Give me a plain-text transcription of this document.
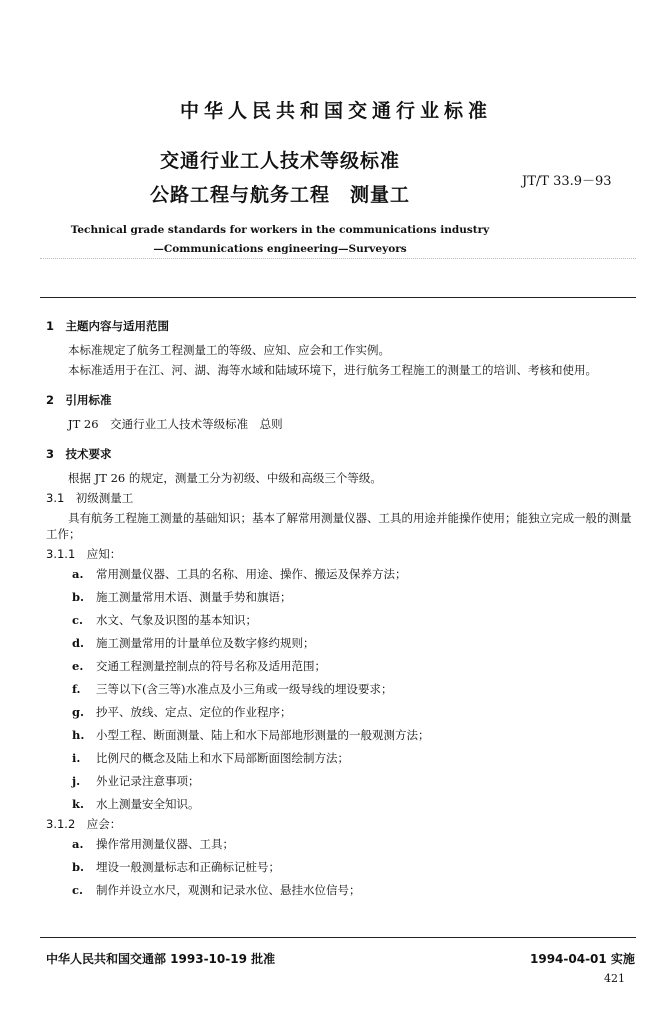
中华人民共和国交通行业标准
交通行业工人技术等级标准
公路工程与航务工程　测量工
JT/T 33.9－93
Technical grade standards for workers in the communications industry
—Communications engineering—Surveyors
1　主题内容与适用范围
本标准规定了航务工程测量工的等级、应知、应会和工作实例。
本标准适用于在江、河、湖、海等水域和陆域环境下，进行航务工程施工的测量工的培训、考核和使用。
2　引用标准
JT 26　交通行业工人技术等级标准　总则
3　技术要求
根据 JT 26 的规定，测量工分为初级、中级和高级三个等级。
3.1　初级测量工
具有航务工程施工测量的基础知识；基本了解常用测量仪器、工具的用途并能操作使用；能独立完成一般的测量工作；
3.1.1　应知：
a. 常用测量仪器、工具的名称、用途、操作、搬运及保养方法；
b. 施工测量常用术语、测量手势和旗语；
c. 水文、气象及识图的基本知识；
d. 施工测量常用的计量单位及数字修约规则；
e. 交通工程测量控制点的符号名称及适用范围；
f. 三等以下(含三等)水准点及小三角或一级导线的埋设要求；
g. 抄平、放线、定点、定位的作业程序；
h. 小型工程、断面测量、陆上和水下局部地形测量的一般观测方法；
i. 比例尺的概念及陆上和水下局部断面图绘制方法；
j. 外业记录注意事项；
k. 水上测量安全知识。
3.1.2　应会：
a. 操作常用测量仪器、工具；
b. 埋设一般测量标志和正确标记桩号；
c. 制作并设立水尺，观测和记录水位、悬挂水位信号；
中华人民共和国交通部 1993-10-19 批准	1994-04-01 实施
421
